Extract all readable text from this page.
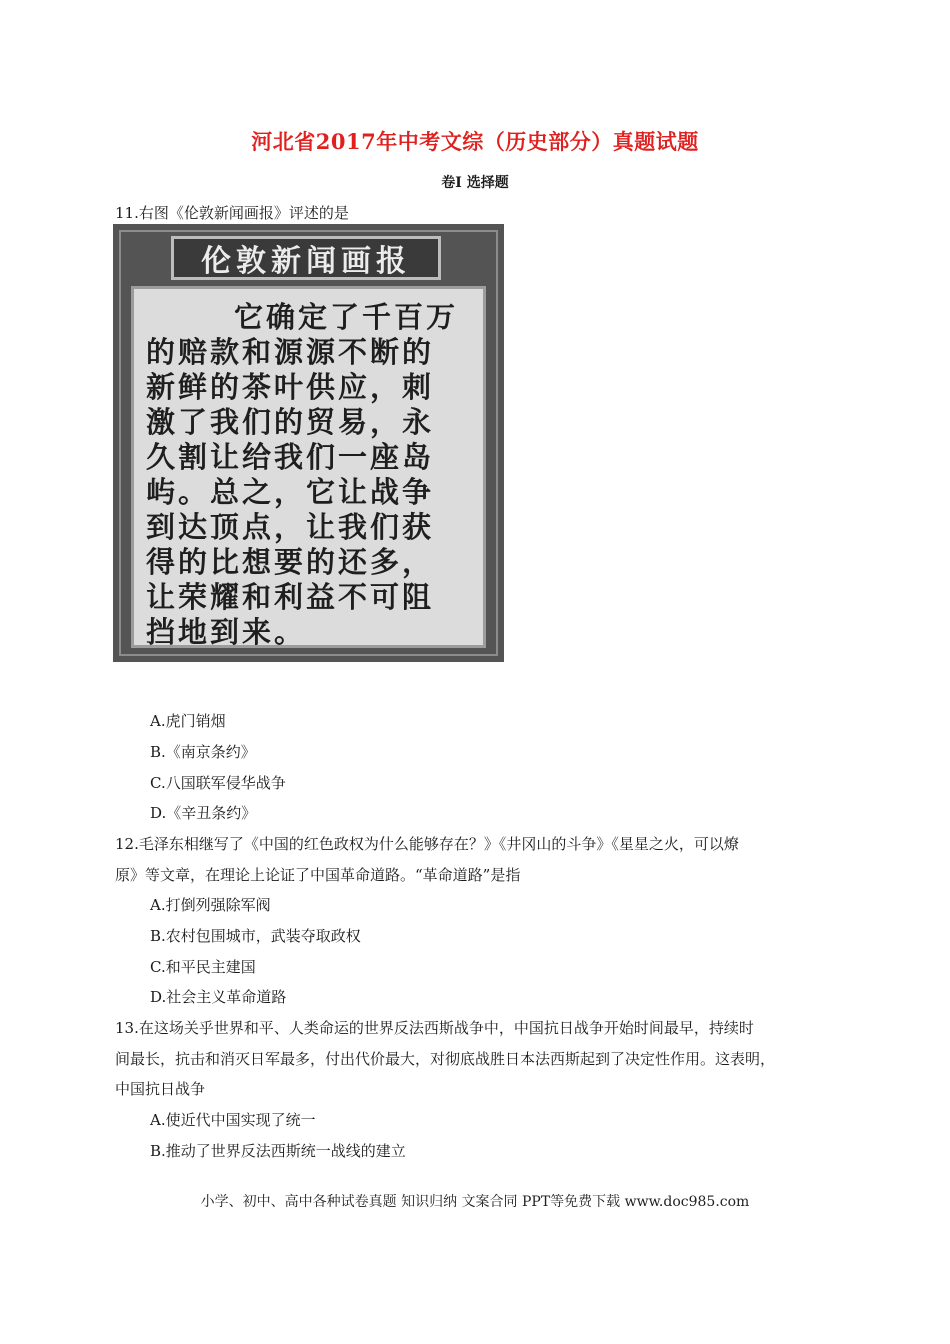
河北省2017年中考文综（历史部分）真题试题
卷Ⅰ 选择题
11.右图《伦敦新闻画报》评述的是
伦敦新闻画报
它确定了千百万
的赔款和源源不断的
新鲜的茶叶供应，刺
激了我们的贸易，永
久割让给我们一座岛
屿。总之，它让战争
到达顶点，让我们获
得的比想要的还多，
让荣耀和利益不可阻
挡地到来。
A.虎门销烟
B.《南京条约》
C.八国联军侵华战争
D.《辛丑条约》
12.毛泽东相继写了《中国的红色政权为什么能够存在？》《井冈山的斗争》《星星之火，可以燎
原》等文章，在理论上论证了中国革命道路。“革命道路”是指
A.打倒列强除军阀
B.农村包围城市，武装夺取政权
C.和平民主建国
D.社会主义革命道路
13.在这场关乎世界和平、人类命运的世界反法西斯战争中，中国抗日战争开始时间最早，持续时
间最长，抗击和消灭日军最多，付出代价最大，对彻底战胜日本法西斯起到了决定性作用。这表明，
中国抗日战争
A.使近代中国实现了统一
B.推动了世界反法西斯统一战线的建立
小学、初中、高中各种试卷真题 知识归纳 文案合同 PPT等免费下载 www.doc985.com
